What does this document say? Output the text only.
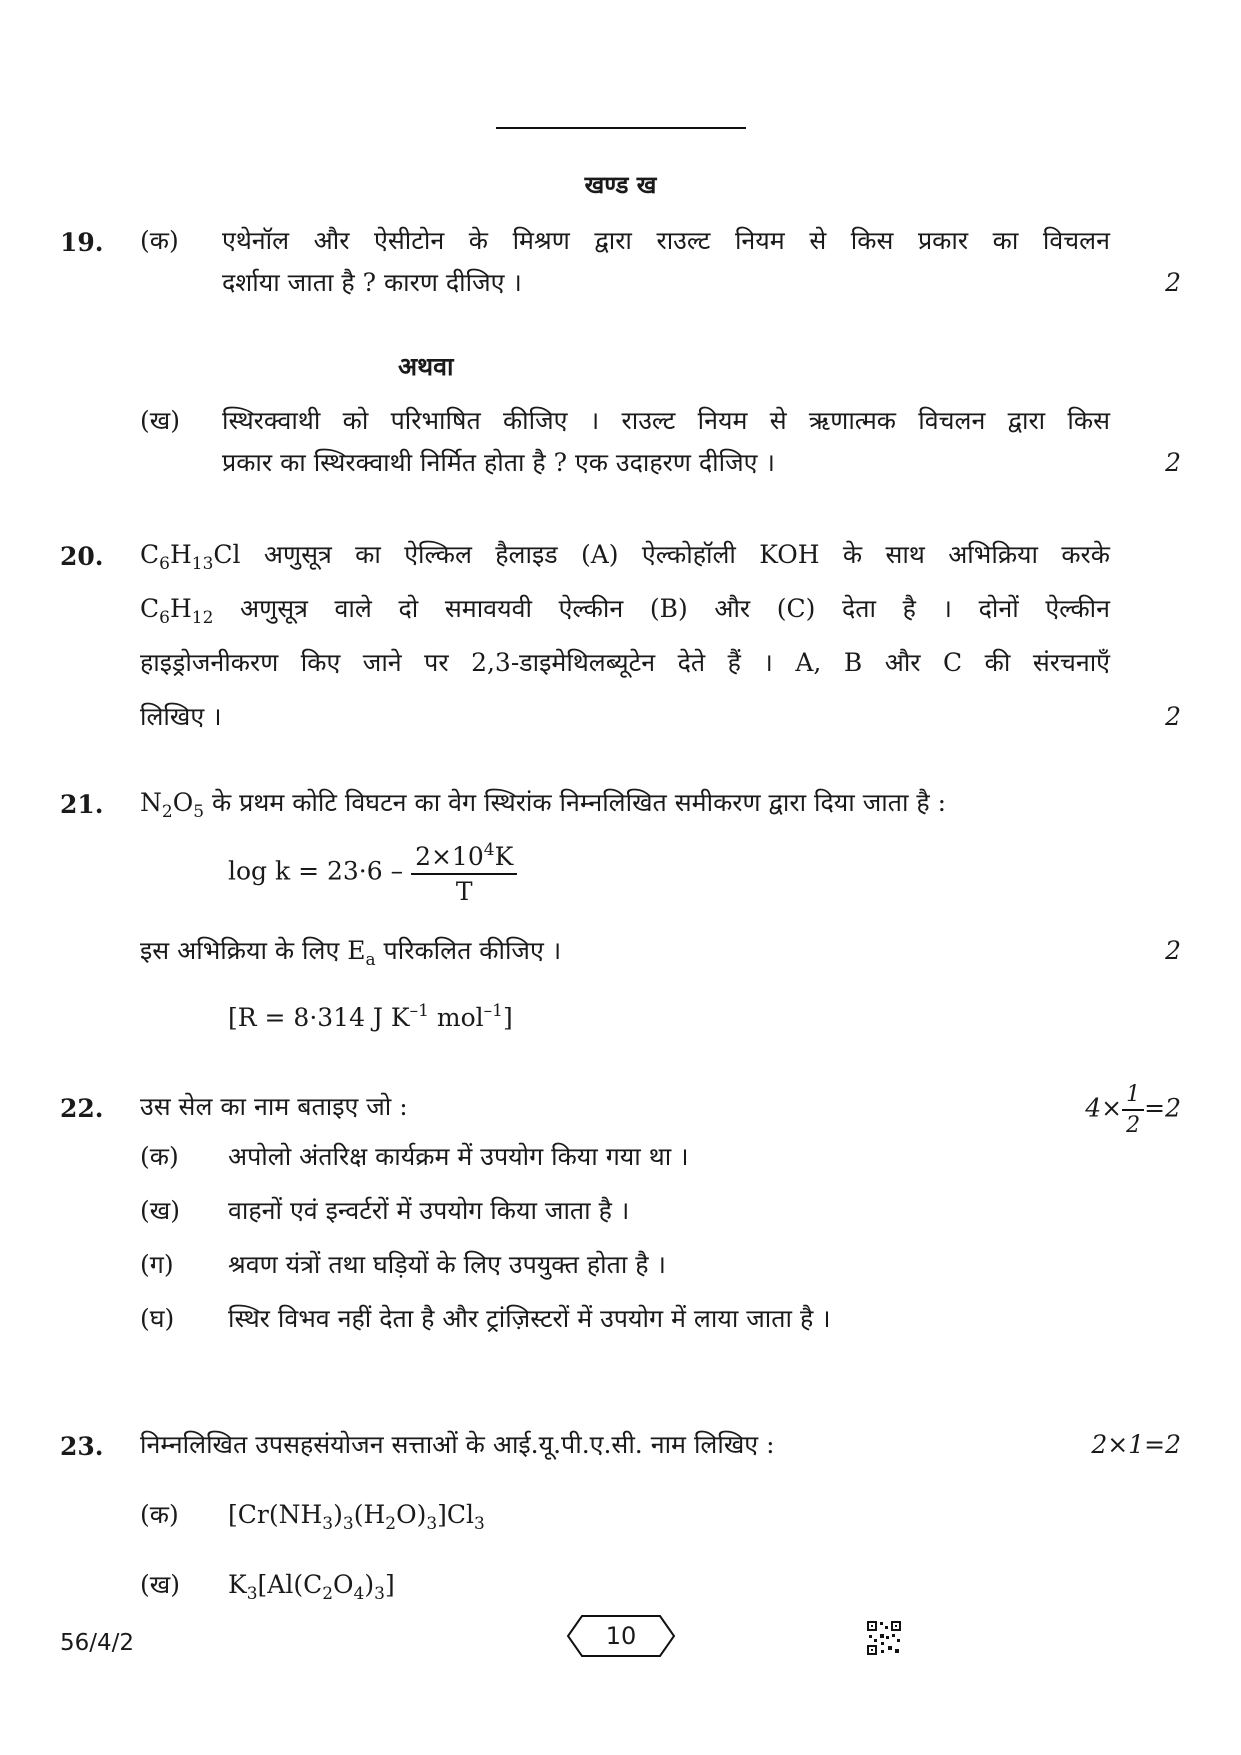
खण्ड ख
19. (क) एथेनॉल और ऐसीटोन के मिश्रण द्वारा राउल्ट नियम से किस प्रकार का विचलन
दर्शाया जाता है ? कारण दीजिए ।	2
अथवा
(ख) स्थिरक्वाथी को परिभाषित कीजिए । राउल्ट नियम से ऋणात्मक विचलन द्वारा किस
प्रकार का स्थिरक्वाथी निर्मित होता है ? एक उदाहरण दीजिए ।	2
20. $C_6H_{13}Cl$ अणुसूत्र का ऐल्किल हैलाइड (A) ऐल्कोहॉली KOH के साथ अभिक्रिया करके
$C_6H_{12}$ अणुसूत्र वाले दो समावयवी ऐल्कीन (B) और (C) देता है । दोनों ऐल्कीन
हाइड्रोजनीकरण किए जाने पर 2,3-डाइमेथिलब्यूटेन देते हैं । A, B और C की संरचनाएँ
लिखिए ।	2
21. $N_2O_5$ के प्रथम कोटि विघटन का वेग स्थिरांक निम्नलिखित समीकरण द्वारा दिया जाता है :
$\log k = 23\cdot 6 - \frac{2\times 10^4K}{T}$
इस अभिक्रिया के लिए $E_a$ परिकलित कीजिए ।	2
[R = 8·314 J $K^{-1}$ mol$^{-1}$]
22. उस सेल का नाम बताइए जो :	$4\times \frac{1}{2} =2$
(क) अपोलो अंतरिक्ष कार्यक्रम में उपयोग किया गया था ।
(ख) वाहनों एवं इन्वर्टरों में उपयोग किया जाता है ।
(ग) श्रवण यंत्रों तथा घड़ियों के लिए उपयुक्त होता है ।
(घ) स्थिर विभव नहीं देता है और ट्रांज़िस्टरों में उपयोग में लाया जाता है ।
23. निम्नलिखित उपसहसंयोजन सत्ताओं के आई.यू.पी.ए.सी. नाम लिखिए :	2×1=2
(क) $[Cr(NH_3)_3(H_2O)_3]Cl_3$
(ख) $K_3[Al(C_2O_4)_3]$
56/4/2	10
